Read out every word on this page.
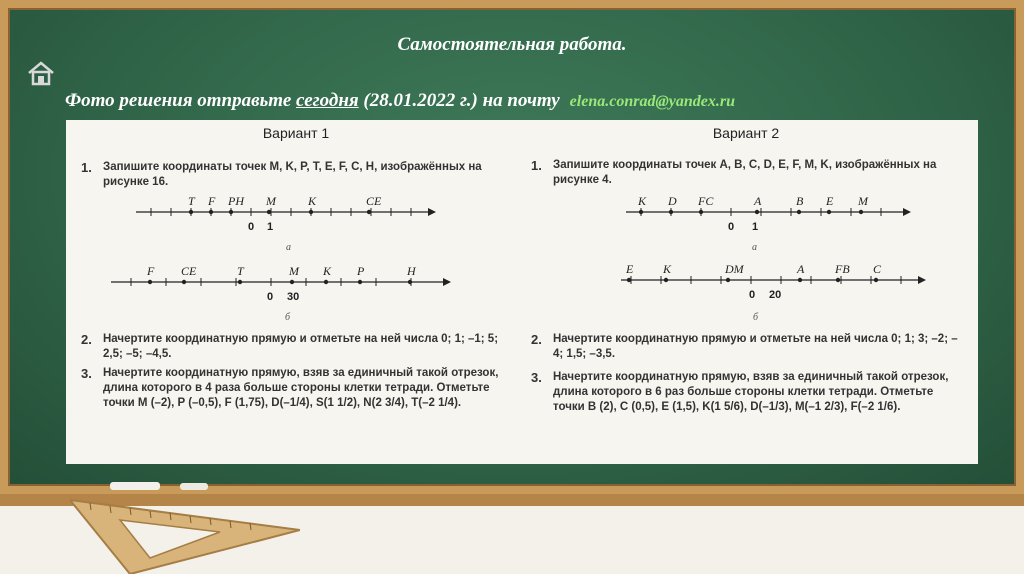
Самостоятельная работа.
Фото решения отправьте сегодня (28.01.2022 г.) на почту elena.conrad@yandex.ru
Вариант 1
1. Запишите координаты точек M, K, P, T, E, F, C, H, изображённых на рисунке 16.
T F PH M	K	CE
0 1
а
F CE	T	M K P	H
0 30
б
2. Начертите координатную прямую и отметьте на ней числа 0; 1; –1; 5; 2,5; –5; –4,5.
3. Начертите координатную прямую, взяв за единичный такой отрезок, длина которого в 4 раза больше стороны клетки тетради. Отметьте точки M (–2), P (–0,5), F (1,75), D(–1/4), S(1 1/2), N(2 3/4), T(–2 1/4).
Вариант 2
1. Запишите координаты точек A, B, C, D, E, F, M, K, изображённых на рисунке 4.
K D FC	A	B E M
0 1
а
E K	DM	A	FB C
0 20
б
2. Начертите координатную прямую и отметьте на ней числа 0; 1; 3; –2; –4; 1,5; –3,5.
3. Начертите координатную прямую, взяв за единичный такой отрезок, длина которого в 6 раз больше стороны клетки тетради. Отметьте точки B (2), C (0,5), E (1,5), K(1 5/6), D(–1/3), M(–1 2/3), F(–2 1/6).
